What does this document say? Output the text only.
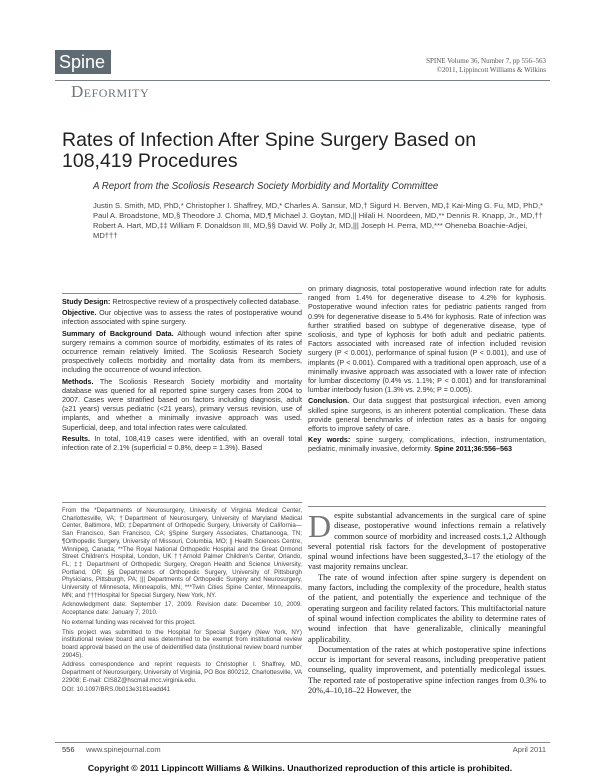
Spine	SPINE Volume 36, Number 7, pp 556–563
©2011, Lippincott Williams & Wilkins
Deformity
Rates of Infection After Spine Surgery Based on 108,419 Procedures
A Report from the Scoliosis Research Society Morbidity and Mortality Committee
Justin S. Smith, MD, PhD,* Christopher I. Shaffrey, MD,* Charles A. Sansur, MD,† Sigurd H. Berven, MD,‡ Kai-Ming G. Fu, MD, PhD,* Paul A. Broadstone, MD,§ Theodore J. Choma, MD,¶ Michael J. Goytan, MD,|| Hilali H. Noordeen, MD,** Dennis R. Knapp, Jr., MD,†† Robert A. Hart, MD,‡‡ William F. Donaldson III, MD,§§ David W. Polly Jr, MD,||| Joseph H. Perra, MD,*** Oheneba Boachie-Adjei, MD†††

Study Design: Retrospective review of a prospectively collected database.

Objective. Our objective was to assess the rates of postoperative wound infection associated with spine surgery.

Summary of Background Data. Although wound infection after spine surgery remains a common source of morbidity, estimates of its rates of occurrence remain relatively limited. The Scoliosis Research Society prospectively collects morbidity and mortality data from its members, including the occurrence of wound infection.

Methods. The Scoliosis Research Society morbidity and mortality database was queried for all reported spine surgery cases from 2004 to 2007. Cases were stratified based on factors including diagnosis, adult (≥21 years) versus pediatric (<21 years), primary versus revision, use of implants, and whether a minimally invasive approach was used. Superficial, deep, and total infection rates were calculated.

Results. In total, 108,419 cases were identified, with an overall total infection rate of 2.1% (superficial = 0.8%, deep = 1.3%). Based

on primary diagnosis, total postoperative wound infection rate for adults ranged from 1.4% for degenerative disease to 4.2% for kyphosis. Postoperative wound infection rates for pediatric patients ranged from 0.9% for degenerative disease to 5.4% for kyphosis. Rate of infection was further stratified based on subtype of degenerative disease, type of scoliosis, and type of kyphosis for both adult and pediatric patients. Factors associated with increased rate of infection included revision surgery (P < 0.001), performance of spinal fusion (P < 0.001), and use of implants (P < 0.001). Compared with a traditional open approach, use of a minimally invasive approach was associated with a lower rate of infection for lumbar discectomy (0.4% vs. 1.1%; P < 0.001) and for transforaminal lumbar interbody fusion (1.3% vs. 2.9%; P = 0.005).

Conclusion. Our data suggest that postsurgical infection, even among skilled spine surgeons, is an inherent potential complication. These data provide general benchmarks of infection rates as a basis for ongoing efforts to improve safety of care.

Key words: spine surgery, complications, infection, instrumentation, pediatric, minimally invasive, deformity. Spine 2011;36:556–563

From the *Departments of Neurosurgery, University of Virginia Medical Center, Charlottesville, VA; †Department of Neurosurgery, University of Maryland Medical Center, Baltimore, MD; ‡Department of Orthopedic Surgery, University of California—San Francisco, San Francisco, CA; §Spine Surgery Associates, Chattanooga, TN; ¶Orthopedic Surgery, University of Missouri, Columbia, MO; || Health Sciences Centre, Winnipeg, Canada; **The Royal National Orthopedic Hospital and the Great Ormond Street Children's Hospital, London, UK ††Arnold Palmer Children's Center, Orlando, FL; ‡‡ Department of Orthopedic Surgery, Oregon Health and Science University, Portland, OR; §§ Departments of Orthopedic Surgery, University of Pittsburgh Physicians, Pittsburgh, PA; ||| Departments of Orthopedic Surgery and Neurosurgery, University of Minnesota, Minneapolis, MN; ***Twin Cities Spine Center, Minneapolis, MN; and †††Hospital for Special Surgery, New York, NY.

Acknowledgment date: September 17, 2009. Revision date: December 10, 2009. Acceptance date: January 7, 2010.

No external funding was received for this project.

This project was submitted to the Hospital for Special Surgery (New York, NY) institutional review board and was determined to be exempt from institutional review board approval based on the use of deidentified data (institutional review board number 29045).

Address correspondence and reprint requests to Christopher I. Shaffrey, MD, Department of Neurosurgery, University of Virginia, PO Box 800212, Charlottesville, VA 22908; E-mail: CIS8Z@hscmail.mcc.virginia.edu.

DOI: 10.1097/BRS.0b013e3181eadd41

Despite substantial advancements in the surgical care of spine disease, postoperative wound infections remain a relatively common source of morbidity and increased costs.1,2 Although several potential risk factors for the development of postoperative spinal wound infections have been suggested,3–17 the etiology of the vast majority remains unclear.

The rate of wound infection after spine surgery is dependent on many factors, including the complexity of the procedure, health status of the patient, and potentially the experience and technique of the operating surgeon and facility related factors. This multifactorial nature of spinal wound infection complicates the ability to determine rates of wound infection that have generalizable, clinically meaningful applicability.

Documentation of the rates at which postoperative spine infections occur is important for several reasons, including preoperative patient counseling, quality improvement, and potentially medicolegal issues. The reported rate of postoperative spine infection ranges from 0.3% to 20%,4–10,18–22 However, the

556 www.spinejournal.com	April 2011
Copyright © 2011 Lippincott Williams & Wilkins. Unauthorized reproduction of this article is prohibited.
